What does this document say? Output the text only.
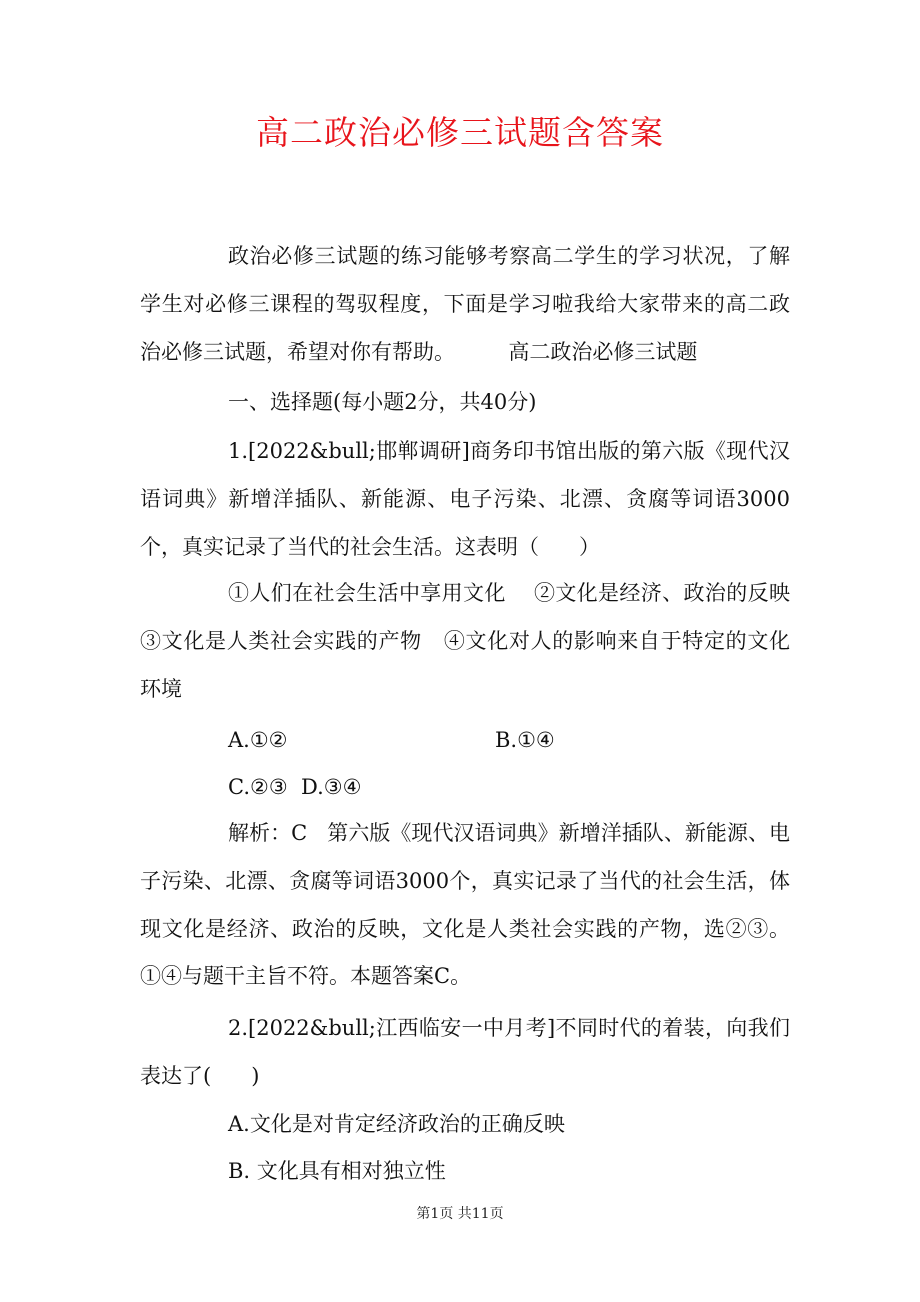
高二政治必修三试题含答案

政治必修三试题的练习能够考察高二学生的学习状况，了解学生对必修三课程的驾驭程度，下面是学习啦我给大家带来的高二政治必修三试题，希望对你有帮助。        高二政治必修三试题

一、选择题(每小题2分，共40分)

1.[2022&bull;邯郸调研]商务印书馆出版的第六版《现代汉语词典》新增洋插队、新能源、电子污染、北漂、贪腐等词语3000个，真实记录了当代的社会生活。这表明（      ）

①人们在社会生活中享用文化    ②文化是经济、政治的反映    ③文化是人类社会实践的产物   ④文化对人的影响来自于特定的文化环境

A.①②	B.①④
C.②③  D.③④

解析：C   第六版《现代汉语词典》新增洋插队、新能源、电子污染、北漂、贪腐等词语3000个，真实记录了当代的社会生活，体现文化是经济、政治的反映，文化是人类社会实践的产物，选②③。①④与题干主旨不符。本题答案C。

2.[2022&bull;江西临安一中月考]不同时代的着装，向我们表达了(      )

A.文化是对肯定经济政治的正确反映
B. 文化具有相对独立性
第1页 共11页
